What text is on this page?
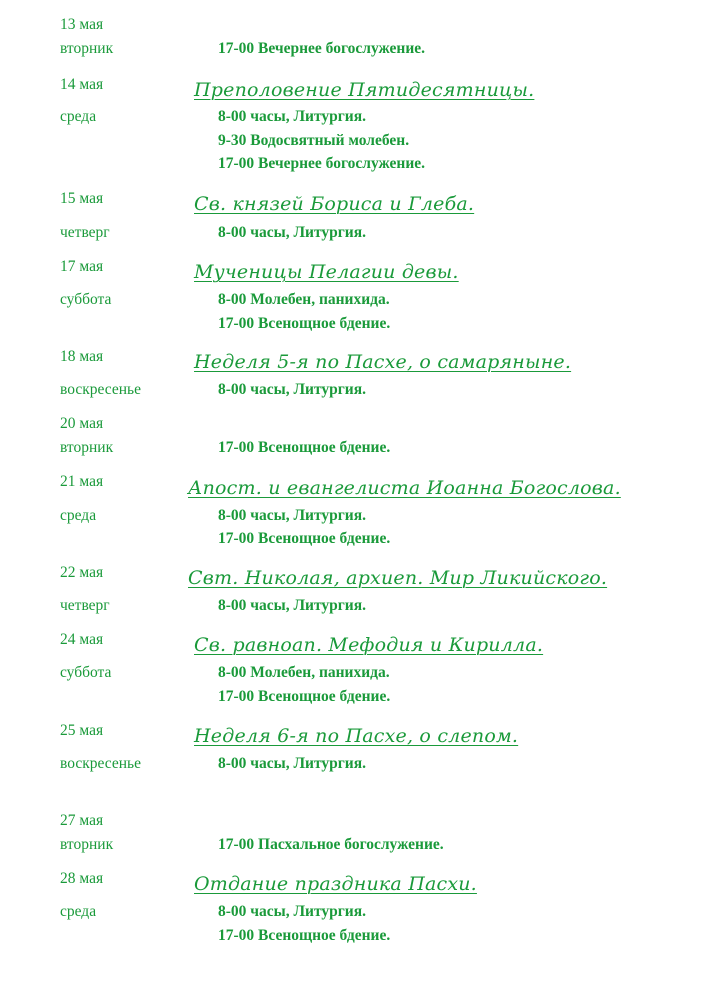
13 мая
вторник	17-00 Вечернее богослужение.
14 мая	Преполовение Пятидесятницы.
среда	8-00 часы, Литургия.
9-30 Водосвятный молебен.
17-00 Вечернее богослужение.
15 мая	Св. князей Бориса и Глеба.
четверг	8-00 часы, Литургия.
17 мая	Мученицы Пелагии девы.
суббота	8-00 Молебен, панихида.
17-00 Всенощное бдение.
18 мая	Неделя 5-я по Пасхе, о самаряныне.
воскресенье	8-00 часы, Литургия.
20 мая
вторник	17-00 Всенощное бдение.
21 мая	Апост. и евангелиста Иоанна Богослова.
среда	8-00 часы, Литургия.
17-00 Всенощное бдение.
22 мая	Свт. Николая, архиеп. Мир Ликийского.
четверг	8-00 часы, Литургия.
24 мая	Св. равноап. Мефодия и Кирилла.
суббота	8-00 Молебен, панихида.
17-00 Всенощное бдение.
25 мая	Неделя 6-я по Пасхе, о слепом.
воскресенье	8-00 часы, Литургия.
27 мая
вторник	17-00 Пасхальное богослужение.
28 мая	Отдание праздника Пасхи.
среда	8-00 часы, Литургия.
17-00 Всенощное бдение.
